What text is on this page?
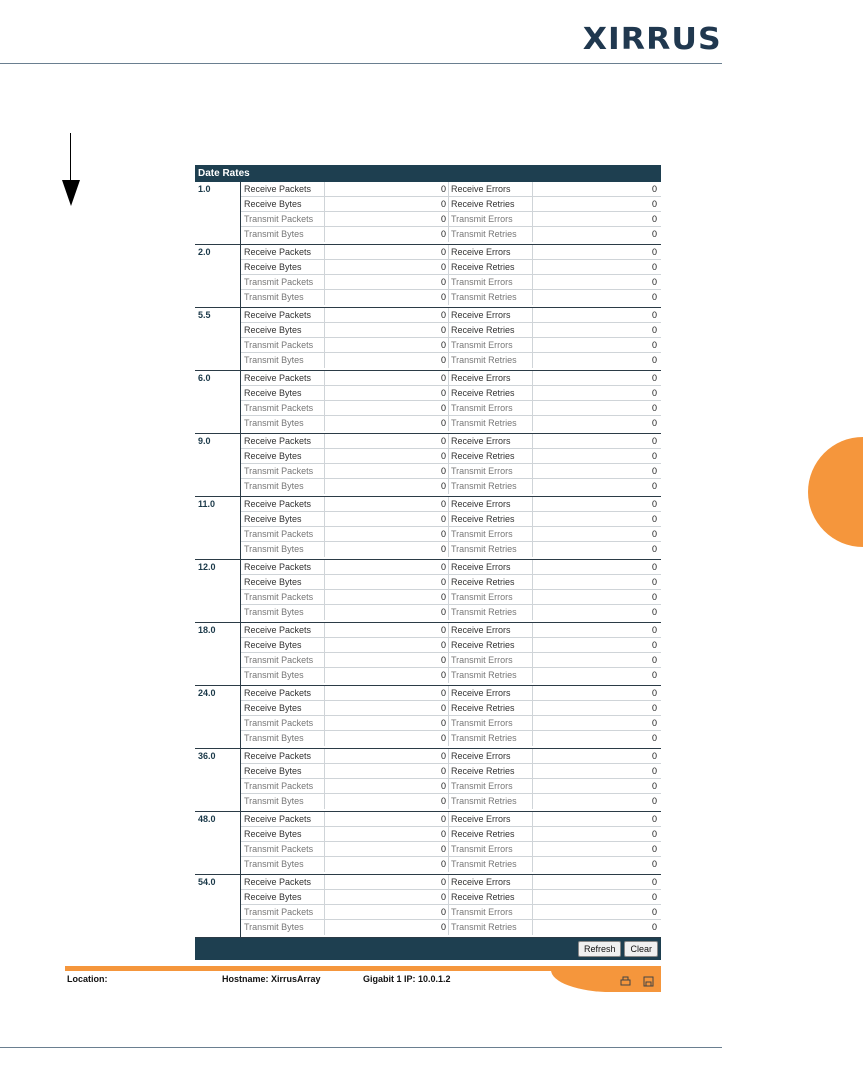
XIRRUS
Date Rates
1.0	Receive Packets	0 Receive Errors	0
Receive Bytes	0 Receive Retries	0
Transmit Packets	0 Transmit Errors	0
Transmit Bytes	0 Transmit Retries	0
2.0	Receive Packets	0 Receive Errors	0
Receive Bytes	0 Receive Retries	0
Transmit Packets	0 Transmit Errors	0
Transmit Bytes	0 Transmit Retries	0
5.5	Receive Packets	0 Receive Errors	0
Receive Bytes	0 Receive Retries	0
Transmit Packets	0 Transmit Errors	0
Transmit Bytes	0 Transmit Retries	0
6.0	Receive Packets	0 Receive Errors	0
Receive Bytes	0 Receive Retries	0
Transmit Packets	0 Transmit Errors	0
Transmit Bytes	0 Transmit Retries	0
9.0	Receive Packets	0 Receive Errors	0
Receive Bytes	0 Receive Retries	0
Transmit Packets	0 Transmit Errors	0
Transmit Bytes	0 Transmit Retries	0
11.0	Receive Packets	0 Receive Errors	0
Receive Bytes	0 Receive Retries	0
Transmit Packets	0 Transmit Errors	0
Transmit Bytes	0 Transmit Retries	0
12.0	Receive Packets	0 Receive Errors	0
Receive Bytes	0 Receive Retries	0
Transmit Packets	0 Transmit Errors	0
Transmit Bytes	0 Transmit Retries	0
18.0	Receive Packets	0 Receive Errors	0
Receive Bytes	0 Receive Retries	0
Transmit Packets	0 Transmit Errors	0
Transmit Bytes	0 Transmit Retries	0
24.0	Receive Packets	0 Receive Errors	0
Receive Bytes	0 Receive Retries	0
Transmit Packets	0 Transmit Errors	0
Transmit Bytes	0 Transmit Retries	0
36.0	Receive Packets	0 Receive Errors	0
Receive Bytes	0 Receive Retries	0
Transmit Packets	0 Transmit Errors	0
Transmit Bytes	0 Transmit Retries	0
48.0	Receive Packets	0 Receive Errors	0
Receive Bytes	0 Receive Retries	0
Transmit Packets	0 Transmit Errors	0
Transmit Bytes	0 Transmit Retries	0
54.0	Receive Packets	0 Receive Errors	0
Receive Bytes	0 Receive Retries	0
Transmit Packets	0 Transmit Errors	0
Transmit Bytes	0 Transmit Retries	0
Refresh	Clear
Location:	Hostname: XirrusArray	Gigabit 1 IP: 10.0.1.2
